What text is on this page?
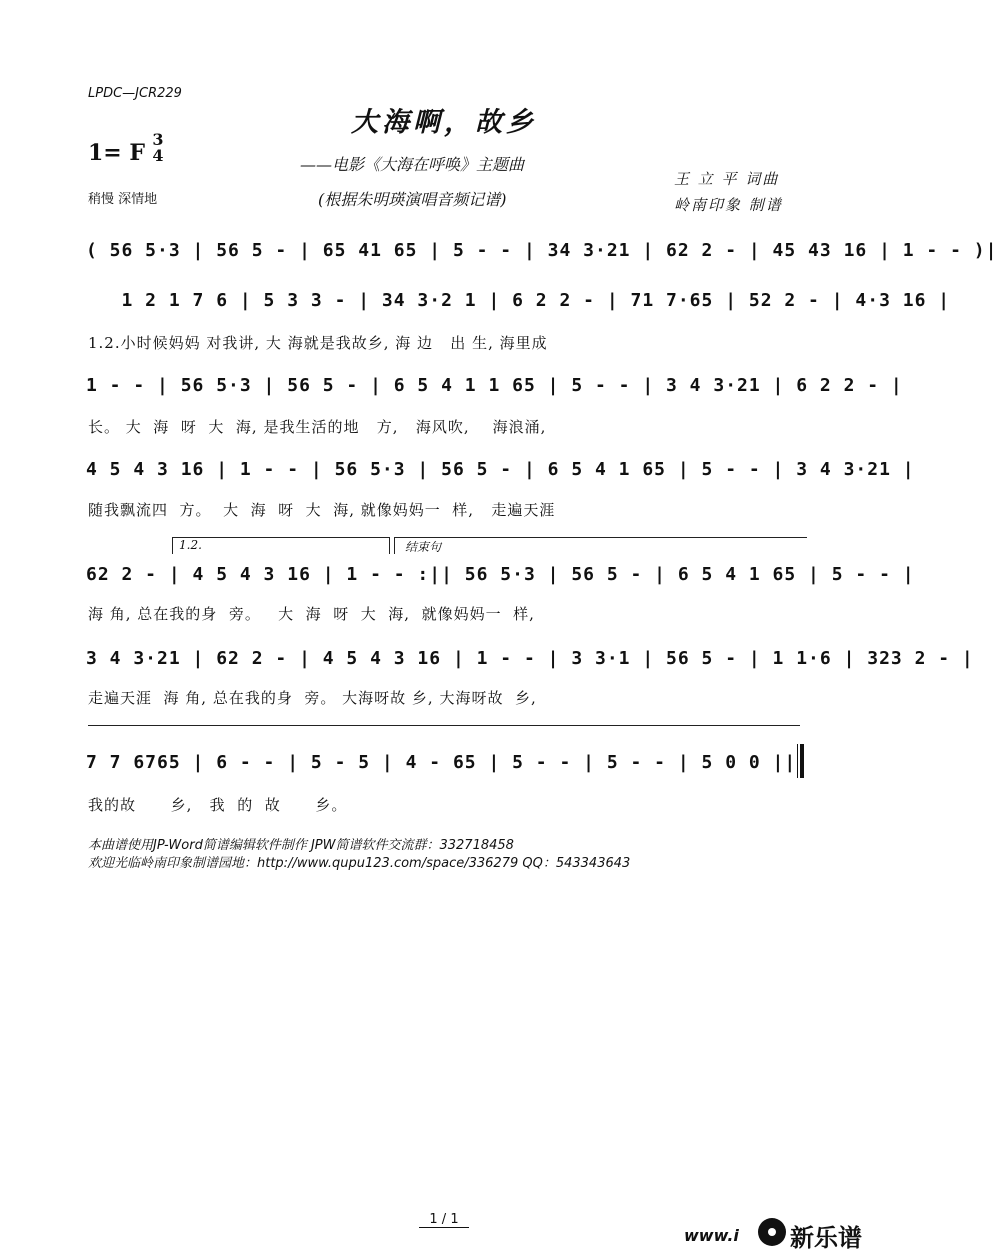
LPDC—JCR229
大海啊，故乡
1= F
3
4	——电影《大海在呼唤》主题曲
(根据朱明瑛演唱音频记谱)
稍慢 深情地
王 立 平 词曲
岭南印象 制谱
( 56 5·3 | 56 5 - | 65 41 65 | 5 - - | 34 3·21 | 62 2 - | 45 43 16 | 1 - - )|
1 2 1 7 6 | 5 3 3 - | 34 3·2 1 | 6 2 2 - | 71 7·65 | 52 2 - | 4·3 16 |
1.2.小时候妈妈 对我讲, 大 海就是我故乡, 海 边   出 生, 海里成
1 - - | 56 5·3 | 56 5 - | 6 5 4 1 1 65 | 5 - - | 3 4 3·21 | 6 2 2 - |
长。 大  海  呀  大  海, 是我生活的地   方,   海风吹,    海浪涌,
4 5 4 3 16 | 1 - - | 56 5·3 | 56 5 - | 6 5 4 1 65 | 5 - - | 3 4 3·21 |
随我飘流四  方。  大  海  呀  大  海, 就像妈妈一  样,   走遍天涯
1.2.	结束句
62 2 - | 4 5 4 3 16 | 1 - - :|| 56 5·3 | 56 5 - | 6 5 4 1 65 | 5 - - |
海 角, 总在我的身  旁。   大  海  呀  大  海,  就像妈妈一  样,
3 4 3·21 | 62 2 - | 4 5 4 3 16 | 1 - - | 3 3·1 | 56 5 - | 1 1·6 | 323 2 - |
走遍天涯  海 角, 总在我的身  旁。 大海呀故 乡, 大海呀故  乡,
7 7 6765 | 6 - - | 5 - 5 | 4 - 65 | 5 - - | 5 - - | 5 0 0 ||
我的故      乡,   我  的  故      乡。
本曲谱使用JP-Word简谱编辑软件制作 JPW简谱软件交流群：332718458
欢迎光临岭南印象制谱园地：http://www.qupu123.com/space/336279 QQ：543343643
1 / 1
www.i 新乐谱
